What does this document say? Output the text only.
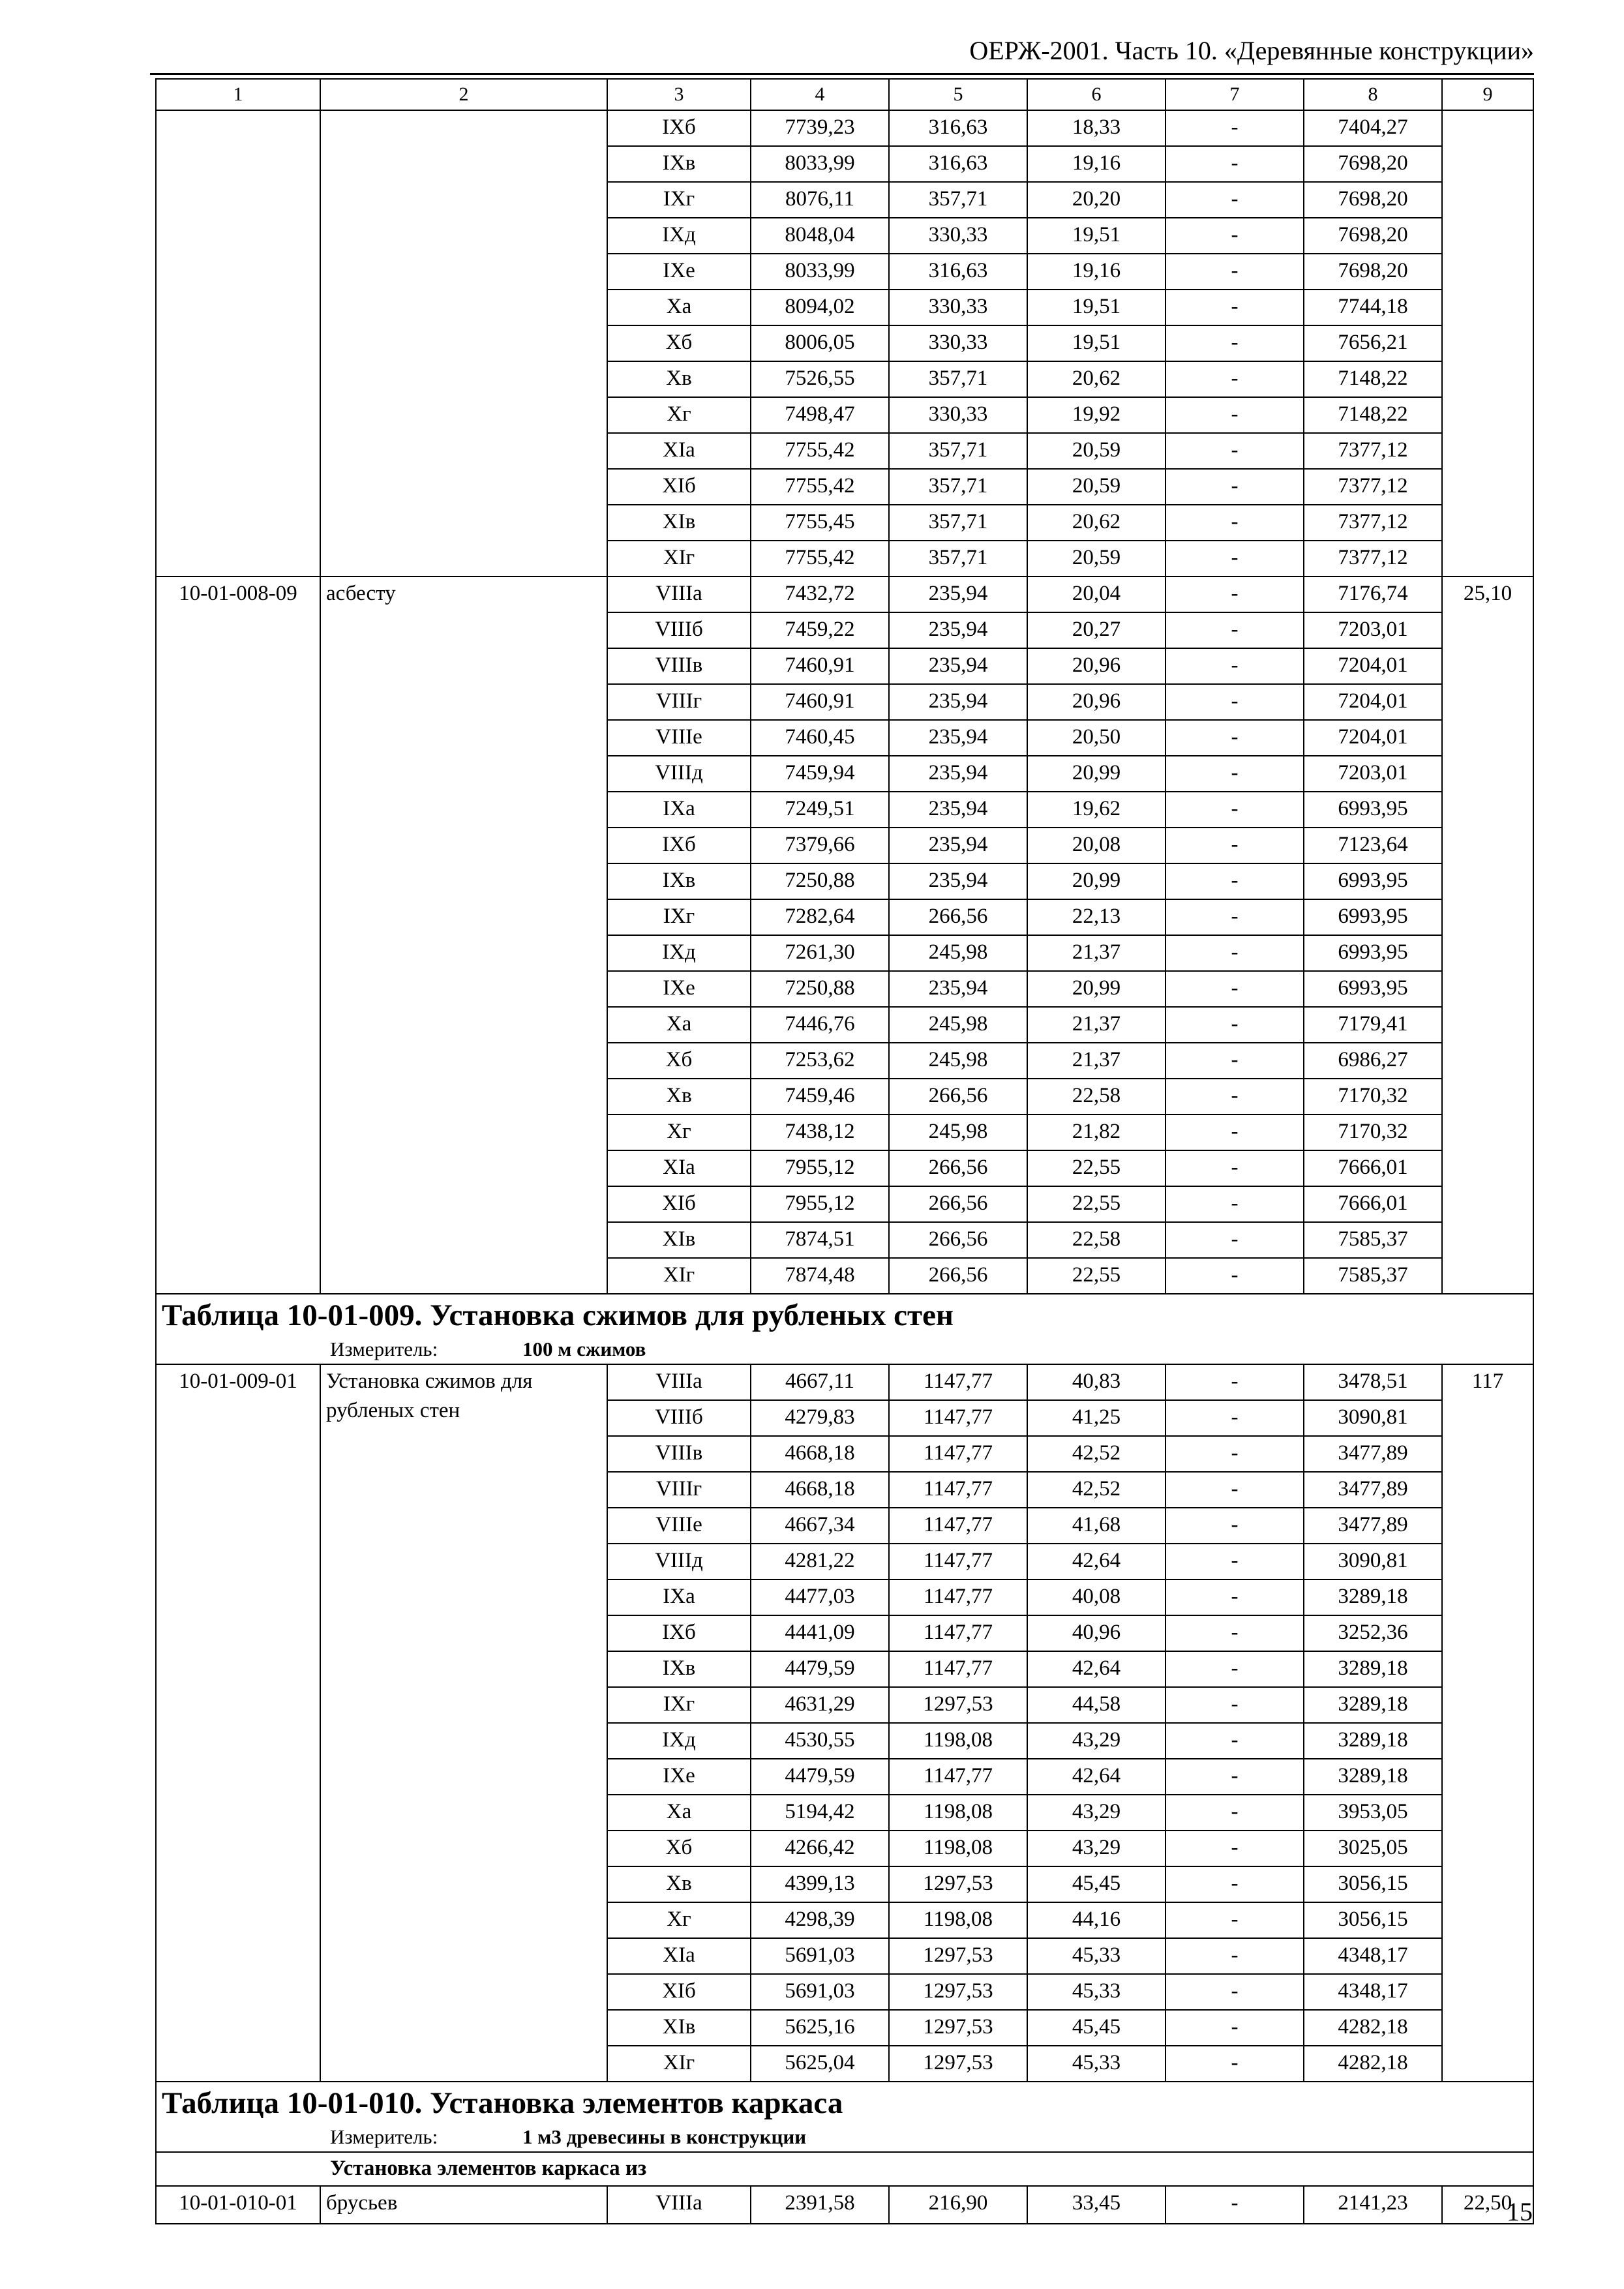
ОЕРЖ-2001. Часть 10. «Деревянные конструкции»
1	2	3	4	5	6	7	8	9
		IXб	7739,23	316,63	18,33	-	7404,27	
		IXв	8033,99	316,63	19,16	-	7698,20	
		IXг	8076,11	357,71	20,20	-	7698,20	
		IXд	8048,04	330,33	19,51	-	7698,20	
		IXе	8033,99	316,63	19,16	-	7698,20	
		Xа	8094,02	330,33	19,51	-	7744,18	
		Xб	8006,05	330,33	19,51	-	7656,21	
		Xв	7526,55	357,71	20,62	-	7148,22	
		Xг	7498,47	330,33	19,92	-	7148,22	
		XIа	7755,42	357,71	20,59	-	7377,12	
		XIб	7755,42	357,71	20,59	-	7377,12	
		XIв	7755,45	357,71	20,62	-	7377,12	
		XIг	7755,42	357,71	20,59	-	7377,12	
10-01-008-09	асбесту	VIIIа	7432,72	235,94	20,04	-	7176,74	25,10
		VIIIб	7459,22	235,94	20,27	-	7203,01	
		VIIIв	7460,91	235,94	20,96	-	7204,01	
		VIIIг	7460,91	235,94	20,96	-	7204,01	
		VIIIе	7460,45	235,94	20,50	-	7204,01	
		VIIIд	7459,94	235,94	20,99	-	7203,01	
		IXа	7249,51	235,94	19,62	-	6993,95	
		IXб	7379,66	235,94	20,08	-	7123,64	
		IXв	7250,88	235,94	20,99	-	6993,95	
		IXг	7282,64	266,56	22,13	-	6993,95	
		IXд	7261,30	245,98	21,37	-	6993,95	
		IXе	7250,88	235,94	20,99	-	6993,95	
		Xа	7446,76	245,98	21,37	-	7179,41	
		Xб	7253,62	245,98	21,37	-	6986,27	
		Xв	7459,46	266,56	22,58	-	7170,32	
		Xг	7438,12	245,98	21,82	-	7170,32	
		XIа	7955,12	266,56	22,55	-	7666,01	
		XIб	7955,12	266,56	22,55	-	7666,01	
		XIв	7874,51	266,56	22,58	-	7585,37	
		XIг	7874,48	266,56	22,55	-	7585,37	
Таблица 10-01-009. Установка сжимов для рубленых стен								
Измеритель: 100 м сжимов								
10-01-009-01	Установка сжимов для рубленых стен	VIIIа	4667,11	1147,77	40,83	-	3478,51	117
		VIIIб	4279,83	1147,77	41,25	-	3090,81	
		VIIIв	4668,18	1147,77	42,52	-	3477,89	
		VIIIг	4668,18	1147,77	42,52	-	3477,89	
		VIIIе	4667,34	1147,77	41,68	-	3477,89	
		VIIIд	4281,22	1147,77	42,64	-	3090,81	
		IXа	4477,03	1147,77	40,08	-	3289,18	
		IXб	4441,09	1147,77	40,96	-	3252,36	
		IXв	4479,59	1147,77	42,64	-	3289,18	
		IXг	4631,29	1297,53	44,58	-	3289,18	
		IXд	4530,55	1198,08	43,29	-	3289,18	
		IXе	4479,59	1147,77	42,64	-	3289,18	
		Xа	5194,42	1198,08	43,29	-	3953,05	
		Xб	4266,42	1198,08	43,29	-	3025,05	
		Xв	4399,13	1297,53	45,45	-	3056,15	
		Xг	4298,39	1198,08	44,16	-	3056,15	
		XIа	5691,03	1297,53	45,33	-	4348,17	
		XIб	5691,03	1297,53	45,33	-	4348,17	
		XIв	5625,16	1297,53	45,45	-	4282,18	
		XIг	5625,04	1297,53	45,33	-	4282,18	
Таблица 10-01-010. Установка элементов каркаса								
Измеритель: 1 м3 древесины в конструкции								
Установка элементов каркаса из								
10-01-010-01	брусьев	VIIIа	2391,58	216,90	33,45	-	2141,23	22,50
15
